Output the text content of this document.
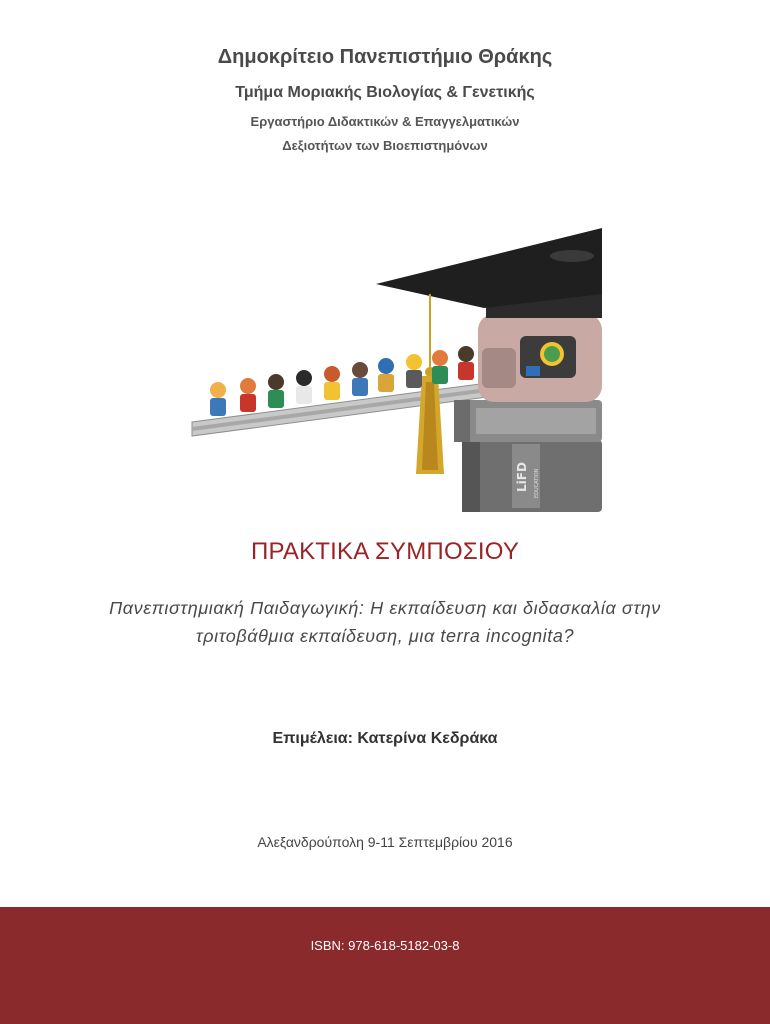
Δημοκρίτειο Πανεπιστήμιο Θράκης
Τμήμα Μοριακής Βιολογίας & Γενετικής
Εργαστήριο Διδακτικών & Επαγγελματικών
Δεξιοτήτων των Βιοεπιστημόνων
LiFD EDUCATION
ΠΡΑΚΤΙΚΑ ΣΥΜΠΟΣΙΟΥ
Πανεπιστημιακή Παιδαγωγική: Η εκπαίδευση και διδασκαλία στην
τριτοβάθμια εκπαίδευση, μια terra incognita?
Επιμέλεια: Κατερίνα Κεδράκα
Αλεξανδρούπολη 9-11 Σεπτεμβρίου 2016
ISBN: 978-618-5182-03-8
